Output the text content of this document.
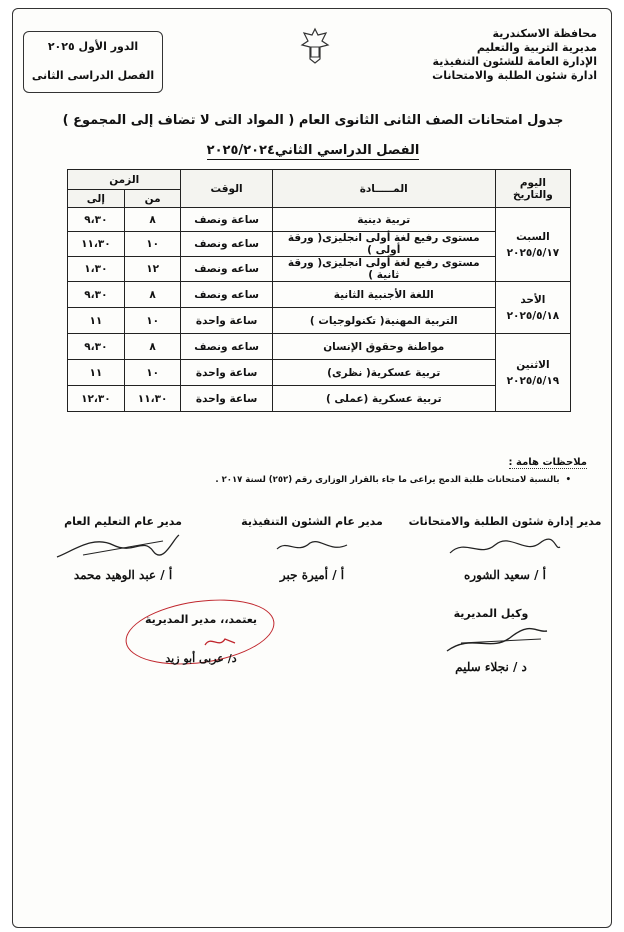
محافظة الاسكندرية
مديرية التربية والتعليم
الإدارة العامة للشئون التنفيذية
ادارة شئون الطلبة والامتحانات
الدور الأول ٢٠٢٥
الفصل الدراسى الثانى
جدول امتحانات الصف الثانى الثانوى العام ( المواد التى لا تضاف إلى المجموع )
الفصل الدراسي الثاني٢٠٢٥/٢٠٢٤
اليوم والتاريخ	المـــــادة	الوقت	الزمن	
			من	إلى

السبت
٢٠٢٥/٥/١٧	تربية دينية	ساعة ونصف	٨	٩،٣٠
	مستوى رفيع لغة أولى انجليزى( ورقة أولى )	ساعه ونصف	١٠	١١،٣٠
	مستوى رفيع لغة أولى انجليزى( ورقة ثانية )	ساعه ونصف	١٢	١،٣٠

الأحد
٢٠٢٥/٥/١٨	اللغة الأجنبية الثانية	ساعه ونصف	٨	٩،٣٠
	التربية المهنية( تكنولوجيات )	ساعة واحدة	١٠	١١

الاثنين
٢٠٢٥/٥/١٩	مواطنة وحقوق الإنسان	ساعه ونصف	٨	٩،٣٠
	تربية عسكرية( نظرى)	ساعة واحدة	١٠	١١
	تربية عسكرية (عملى )	ساعة واحدة	١١،٣٠	١٢،٣٠
ملاحظات هامة :
• بالنسبة لامتحانات طلبة الدمج يراعى ما جاء بالقرار الوزارى رقم (٢٥٢) لسنة ٢٠١٧ .
مدير إدارة شئون الطلبة والامتحانات
أ / سعيد الشوره
مدير عام الشئون التنفيذية
أ / أميرة جبر
مدير عام التعليم العام
أ / عبد الوهيد محمد
وكيل المديرية
د / نجلاء سليم
يعتمد،، مدير المديرية
د/ عربى أبو زيد
